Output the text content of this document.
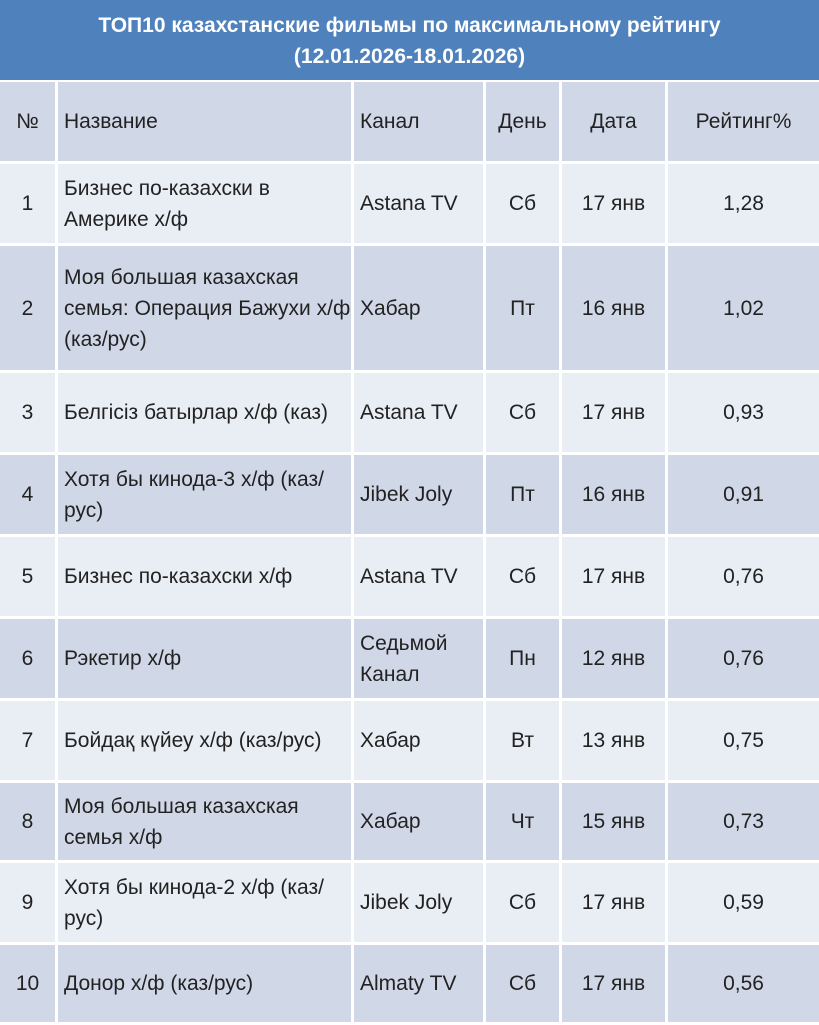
ТОП10 казахстанские фильмы по максимальному рейтингу
(12.01.2026-18.01.2026)
№	Название	Канал	День	Дата	Рейтинг%
1	Бизнес по-казахски в Америке х/ф	Astana TV	Сб	17 янв	1,28
2	Моя большая казахская семья: Операция Бажухи х/ф (каз/рус)	Хабар	Пт	16 янв	1,02
3	Белгісіз батырлар х/ф (каз)	Astana TV	Сб	17 янв	0,93
4	Хотя бы кинода-3 х/ф (каз/рус)	Jibek Joly	Пт	16 янв	0,91
5	Бизнес по-казахски х/ф	Astana TV	Сб	17 янв	0,76
6	Рэкетир х/ф	Седьмой Канал	Пн	12 янв	0,76
7	Бойдақ күйеу х/ф (каз/рус)	Хабар	Вт	13 янв	0,75
8	Моя большая казахская семья х/ф	Хабар	Чт	15 янв	0,73
9	Хотя бы кинода-2 х/ф (каз/рус)	Jibek Joly	Сб	17 янв	0,59
10	Донор х/ф (каз/рус)	Almaty TV	Сб	17 янв	0,56
